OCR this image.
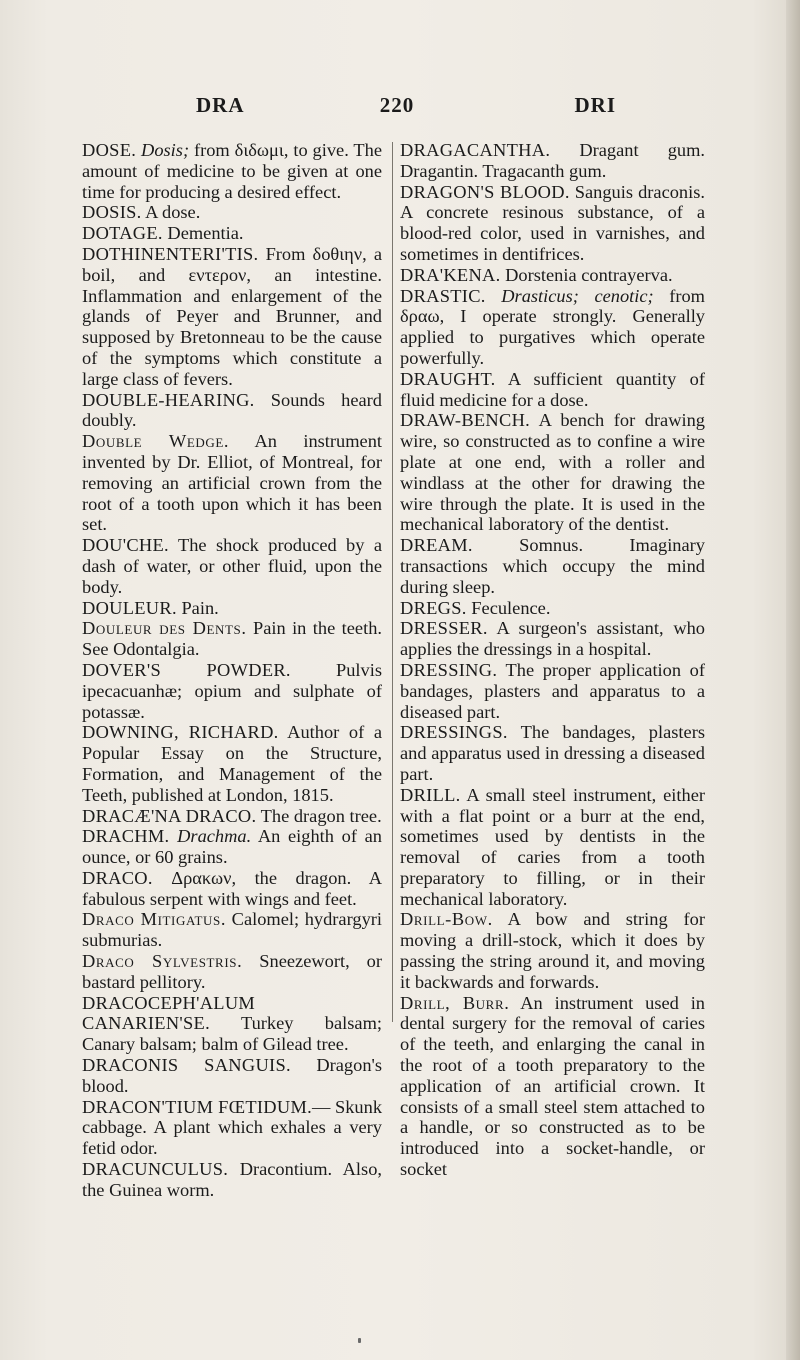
DRA	220	DRI

DOSE. Dosis; from διδωμι, to give. The amount of medicine to be given at one time for producing a desired effect.

DOSIS. A dose.

DOTAGE. Dementia.

DOTHINENTERI'TIS. From δοθιην, a boil, and εντερον, an intestine. Inflammation and enlargement of the glands of Peyer and Brunner, and supposed by Bretonneau to be the cause of the symptoms which constitute a large class of fevers.

DOUBLE-HEARING. Sounds heard doubly.

Double Wedge. An instrument invented by Dr. Elliot, of Montreal, for removing an artificial crown from the root of a tooth upon which it has been set.

DOU'CHE. The shock produced by a dash of water, or other fluid, upon the body.

DOULEUR. Pain.

Douleur des Dents. Pain in the teeth. See Odontalgia.

DOVER'S POWDER. Pulvis ipecacuanhæ; opium and sulphate of potassæ.

DOWNING, RICHARD. Author of a Popular Essay on the Structure, Formation, and Management of the Teeth, published at London, 1815.

DRACÆ'NA DRACO. The dragon tree.

DRACHM. Drachma. An eighth of an ounce, or 60 grains.

DRACO. Δρακων, the dragon. A fabulous serpent with wings and feet.

Draco Mitigatus. Calomel; hydrargyri submurias.

Draco Sylvestris. Sneezewort, or bastard pellitory.

DRACOCEPH'ALUM CANARIEN'SE. Turkey balsam; Canary balsam; balm of Gilead tree.

DRACONIS SANGUIS. Dragon's blood.

DRACON'TIUM FŒTIDUM.— Skunk cabbage. A plant which exhales a very fetid odor.

DRACUNCULUS. Dracontium. Also, the Guinea worm.

DRAGACANTHA. Dragant gum. Dragantin. Tragacanth gum.

DRAGON'S BLOOD. Sanguis draconis. A concrete resinous substance, of a blood-red color, used in varnishes, and sometimes in dentifrices.

DRA'KENA. Dorstenia contrayerva.

DRASTIC. Drasticus; cenotic; from δραω, I operate strongly. Generally applied to purgatives which operate powerfully.

DRAUGHT. A sufficient quantity of fluid medicine for a dose.

DRAW-BENCH. A bench for drawing wire, so constructed as to confine a wire plate at one end, with a roller and windlass at the other for drawing the wire through the plate. It is used in the mechanical laboratory of the dentist.

DREAM. Somnus. Imaginary transactions which occupy the mind during sleep.

DREGS. Feculence.

DRESSER. A surgeon's assistant, who applies the dressings in a hospital.

DRESSING. The proper application of bandages, plasters and apparatus to a diseased part.

DRESSINGS. The bandages, plasters and apparatus used in dressing a diseased part.

DRILL. A small steel instrument, either with a flat point or a burr at the end, sometimes used by dentists in the removal of caries from a tooth preparatory to filling, or in their mechanical laboratory.

Drill-Bow. A bow and string for moving a drill-stock, which it does by passing the string around it, and moving it backwards and forwards.

Drill, Burr. An instrument used in dental surgery for the removal of caries of the teeth, and enlarging the canal in the root of a tooth preparatory to the application of an artificial crown. It consists of a small steel stem attached to a handle, or so constructed as to be introduced into a socket-handle, or socket
